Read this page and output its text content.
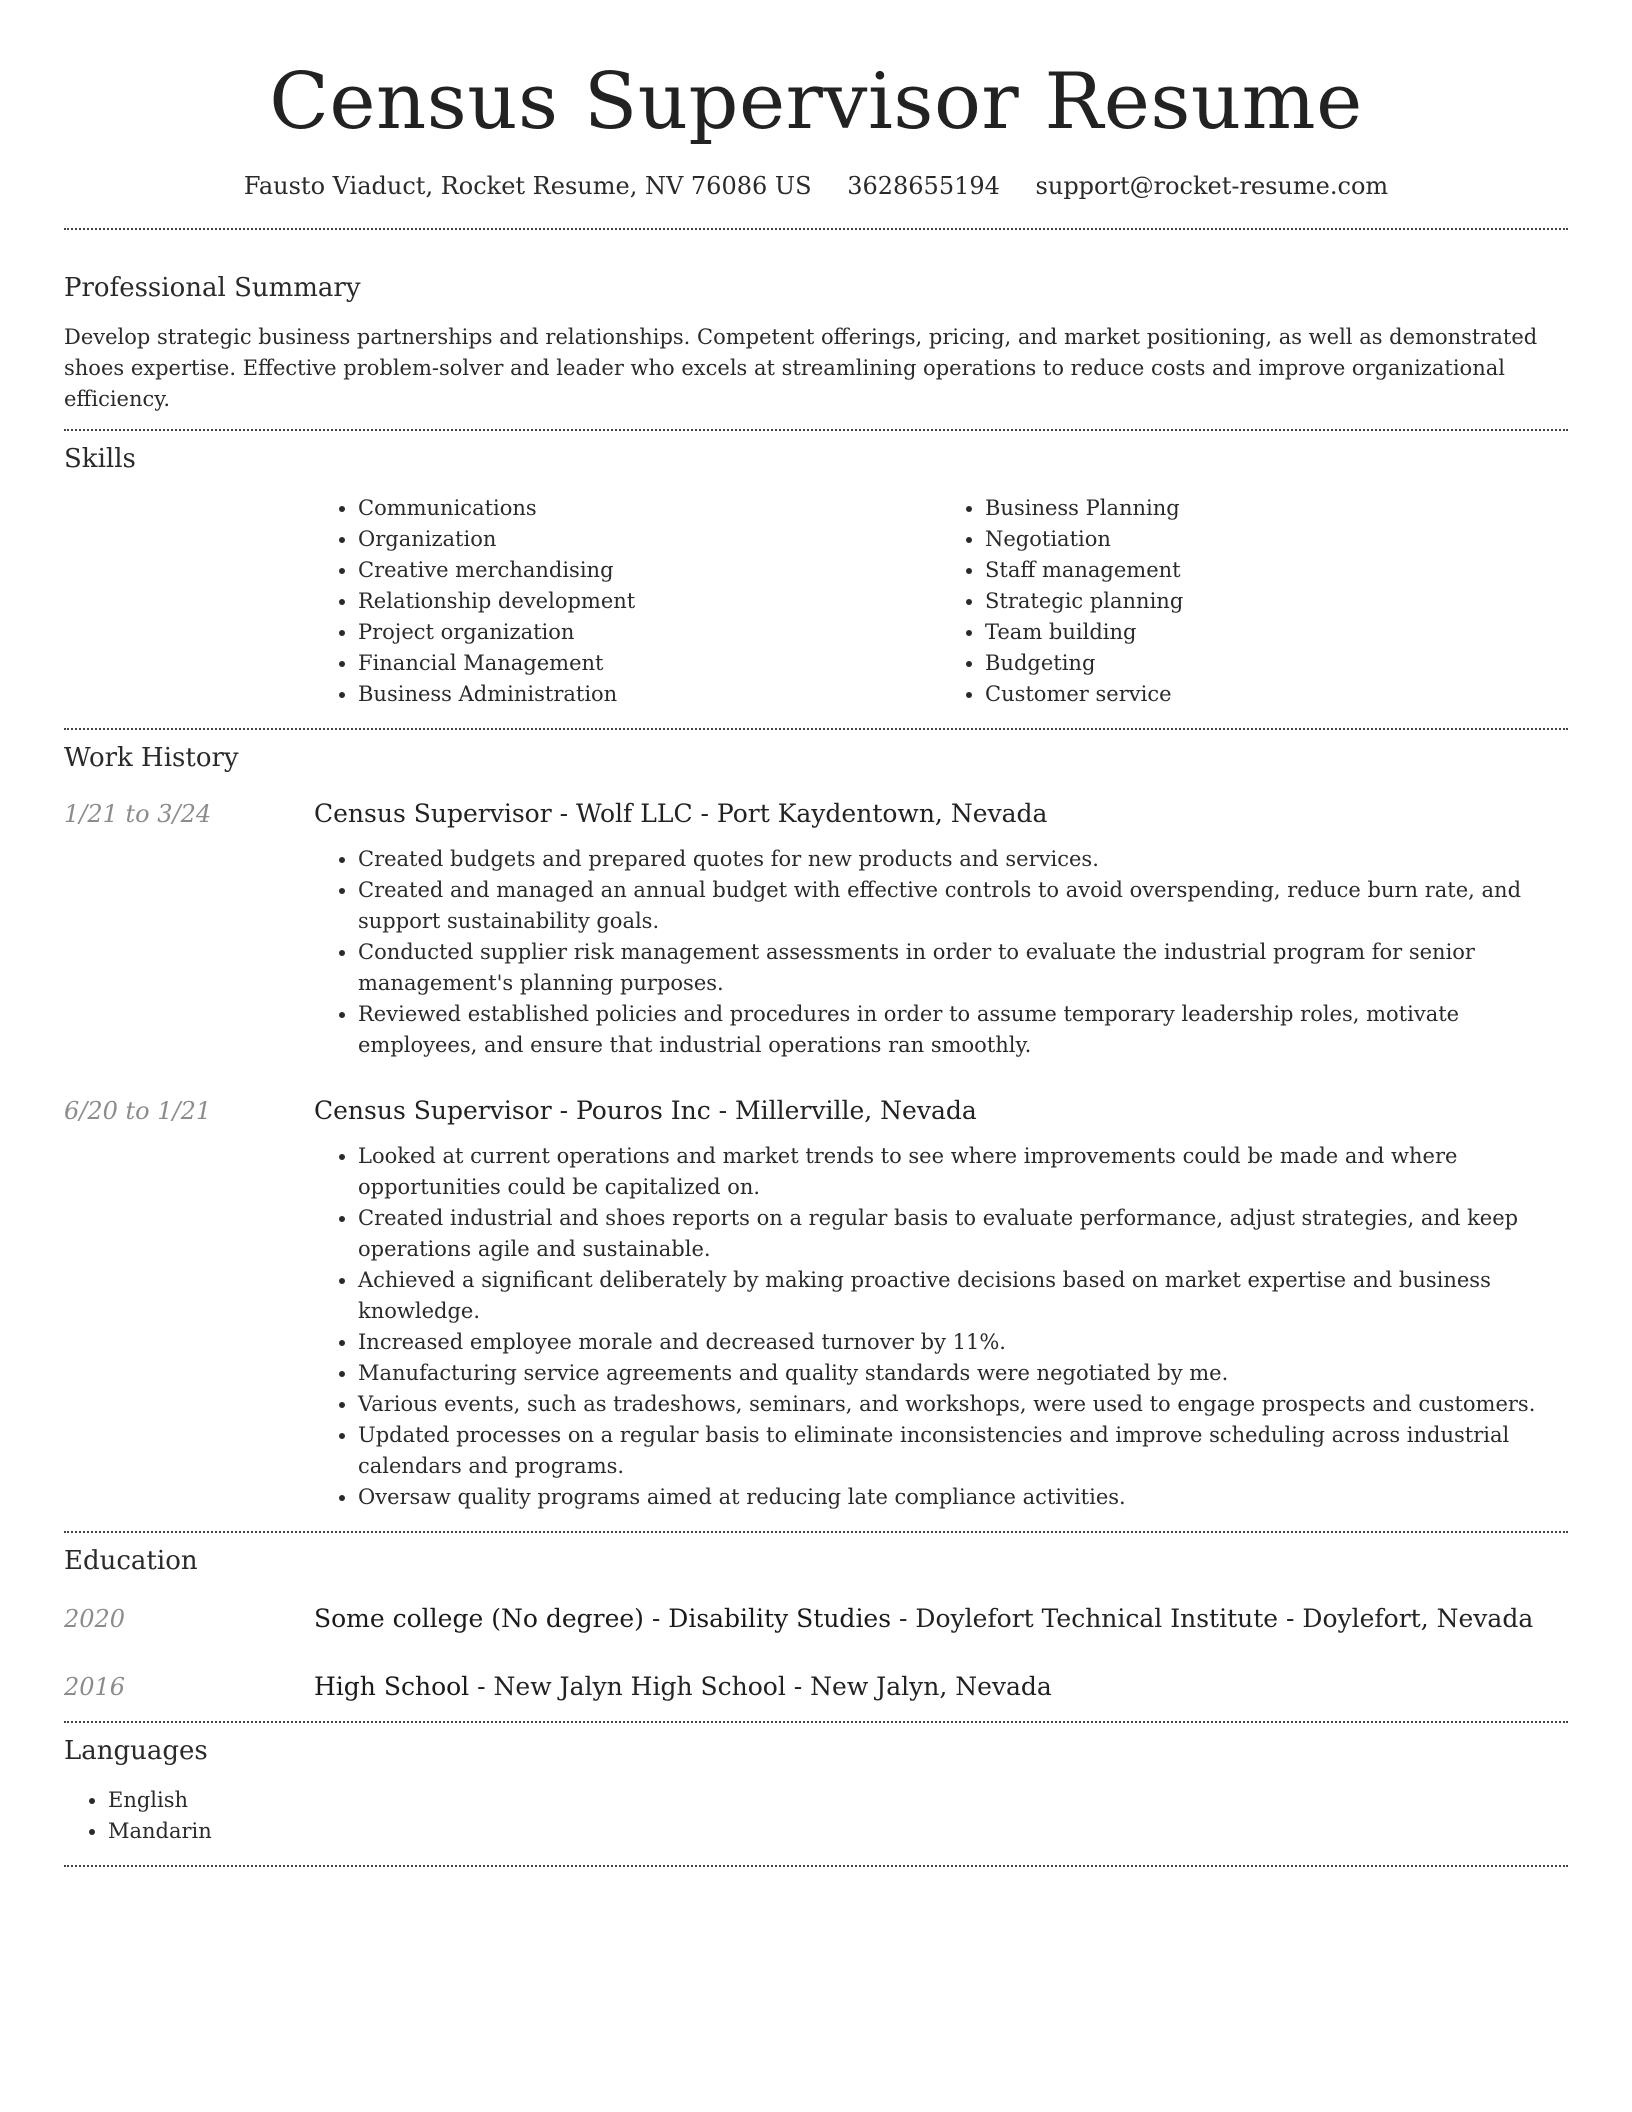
Census Supervisor Resume
Fausto Viaduct, Rocket Resume, NV 76086 US 3628655194 support@rocket-resume.com
Professional Summary

Develop strategic business partnerships and relationships. Competent offerings, pricing, and market positioning, as well as demonstrated shoes expertise. Effective problem-solver and leader who excels at streamlining operations to reduce costs and improve organizational efficiency.

Skills
• Communications
• Organization
• Creative merchandising
• Relationship development
• Project organization
• Financial Management
• Business Administration
• Business Planning
• Negotiation
• Staff management
• Strategic planning
• Team building
• Budgeting
• Customer service
Work History
1/21 to 3/24	Census Supervisor - Wolf LLC - Port Kaydentown, Nevada
• Created budgets and prepared quotes for new products and services.
• Created and managed an annual budget with effective controls to avoid overspending, reduce burn rate, and support sustainability goals.
• Conducted supplier risk management assessments in order to evaluate the industrial program for senior management's planning purposes.
• Reviewed established policies and procedures in order to assume temporary leadership roles, motivate employees, and ensure that industrial operations ran smoothly.
6/20 to 1/21	Census Supervisor - Pouros Inc - Millerville, Nevada
• Looked at current operations and market trends to see where improvements could be made and where opportunities could be capitalized on.
• Created industrial and shoes reports on a regular basis to evaluate performance, adjust strategies, and keep operations agile and sustainable.
• Achieved a significant deliberately by making proactive decisions based on market expertise and business knowledge.
• Increased employee morale and decreased turnover by 11%.
• Manufacturing service agreements and quality standards were negotiated by me.
• Various events, such as tradeshows, seminars, and workshops, were used to engage prospects and customers.
• Updated processes on a regular basis to eliminate inconsistencies and improve scheduling across industrial calendars and programs.
• Oversaw quality programs aimed at reducing late compliance activities.
Education
2020	Some college (No degree) - Disability Studies - Doylefort Technical Institute - Doylefort, Nevada
2016	High School - New Jalyn High School - New Jalyn, Nevada
Languages
• English
• Mandarin
